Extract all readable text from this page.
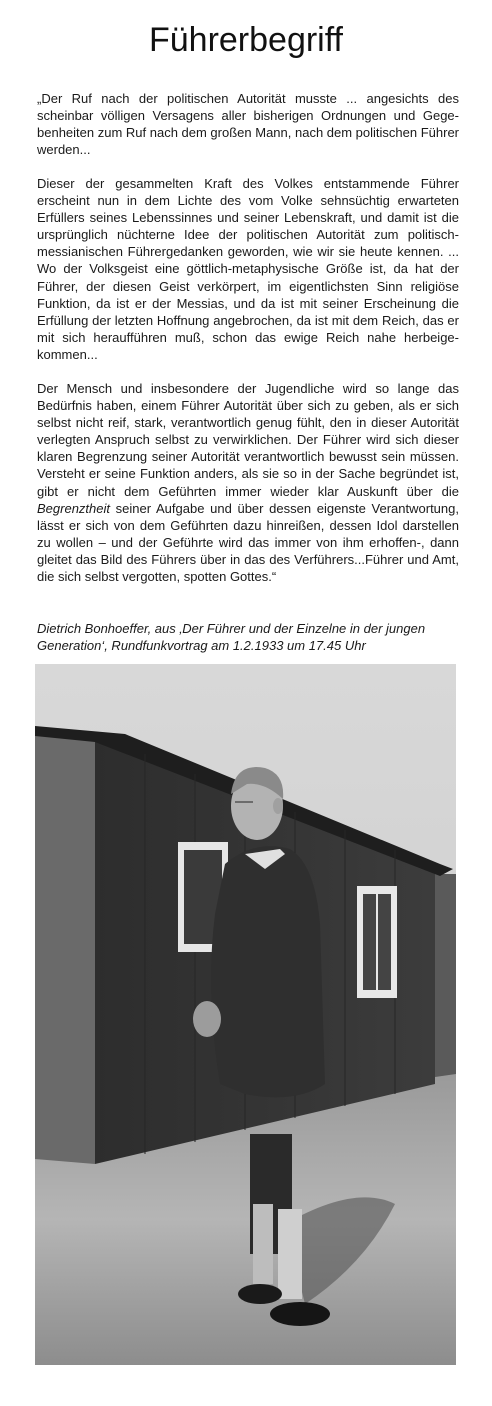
Führerbegriff

„Der Ruf nach der politischen Autorität musste ... angesichts des scheinbar völligen Versagens aller bisherigen Ordnungen und Gegebenheiten zum Ruf nach dem großen Mann, nach dem politischen Führer werden...

Dieser der gesammelten Kraft des Volkes entstammende Führer erscheint nun in dem Lichte des vom Volke sehnsüchtig erwarteten Erfüllers seines Lebenssinnes und seiner Lebenskraft, und damit ist die ursprünglich nüchterne Idee der politischen Autorität zum politisch-messianischen Führergedanken geworden, wie wir sie heute kennen. ... Wo der Volksgeist eine göttlich-metaphysische Größe ist, da hat der Führer, der diesen Geist verkörpert, im eigentlichsten Sinn religiöse Funktion, da ist er der Messias, und da ist mit seiner Erscheinung die Erfüllung der letzten Hoffnung angebrochen, da ist mit dem Reich, das er mit sich heraufführen muß, schon das ewige Reich nahe herbeigekommen...

Der Mensch und insbesondere der Jugendliche wird so lange das Bedürfnis haben, einem Führer Autorität über sich zu geben, als er sich selbst nicht reif, stark, verantwortlich genug fühlt, den in dieser Autorität verlegten Anspruch selbst zu verwirklichen. Der Führer wird sich dieser klaren Begrenzung seiner Autorität verantwortlich bewusst sein müssen. Versteht er seine Funktion anders, als sie so in der Sache begründet ist, gibt er nicht dem Geführten immer wieder klar Auskunft über die Begrenztheit seiner Aufgabe und über dessen eigenste Verantwortung, lässt er sich von dem Geführten dazu hinreißen, dessen Idol darstellen zu wollen – und der Geführte wird das immer von ihm erhoffen-, dann gleitet das Bild des Führers über in das des Verführers...Führer und Amt, die sich selbst vergotten, spotten Gottes.“

Dietrich Bonhoeffer, aus ‚Der Führer und der Einzelne in der jungen Generation‘, Rundfunkvortrag am 1.2.1933 um 17.45 Uhr
